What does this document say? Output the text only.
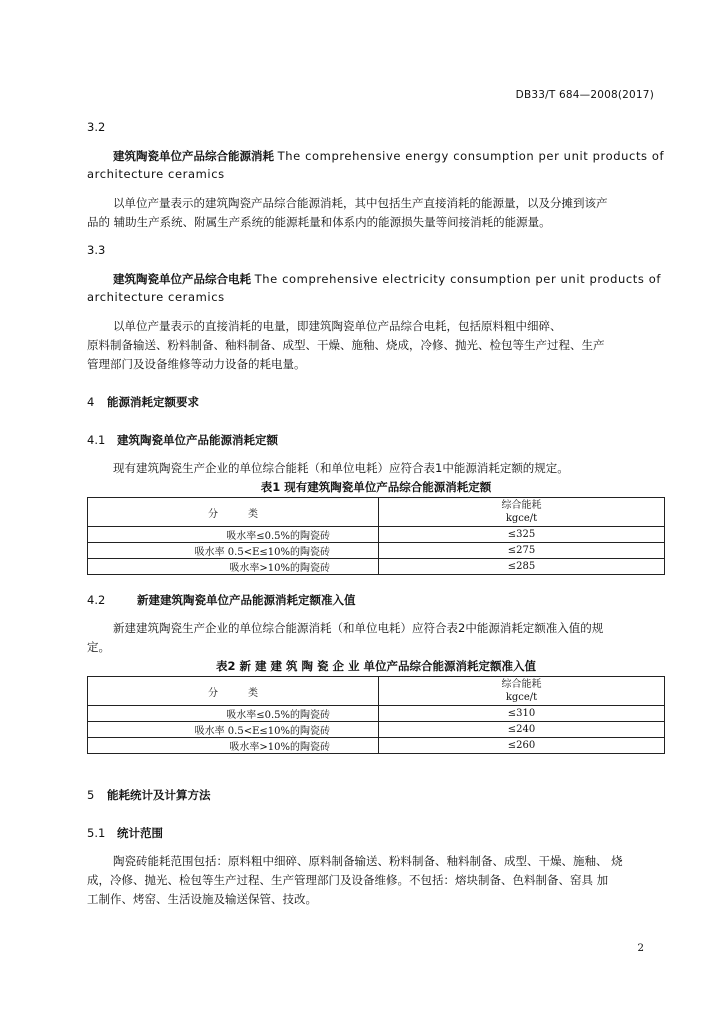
DB33/T 684—2008(2017)
3.2
建筑陶瓷单位产品综合能源消耗 The comprehensive energy consumption per unit products of
architecture ceramics
以单位产量表示的建筑陶瓷产品综合能源消耗，其中包括生产直接消耗的能源量，以及分摊到该产
品的 辅助生产系统、附属生产系统的能源耗量和体系内的能源损失量等间接消耗的能源量。
3.3
建筑陶瓷单位产品综合电耗 The comprehensive electricity consumption per unit products of
architecture ceramics
以单位产量表示的直接消耗的电量，即建筑陶瓷单位产品综合电耗，包括原料粗中细碎、
原料制备输送、粉料制备、釉料制备、成型、干燥、施釉、烧成，冷修、抛光、检包等生产过程、生产
管理部门及设备维修等动力设备的耗电量。
4 能源消耗定额要求
4.1 建筑陶瓷单位产品能源消耗定额
现有建筑陶瓷生产企业的单位综合能耗（和单位电耗）应符合表1中能源消耗定额的规定。
表1 现有建筑陶瓷单位产品综合能源消耗定额
分　　　类	综合能耗
kgce/t

吸水率≤0.5%的陶瓷砖	≤325
吸水率 0.5<E≤10%的陶瓷砖	≤275
吸水率>10%的陶瓷砖	≤285
4.2	新建建筑陶瓷单位产品能源消耗定额准入值
新建建筑陶瓷生产企业的单位综合能源消耗（和单位电耗）应符合表2中能源消耗定额准入值的规
定。
表2 新 建 建 筑 陶 瓷 企 业 单位产品综合能源消耗定额准入值
分　　　类	综合能耗
kgce/t

吸水率≤0.5%的陶瓷砖	≤310
吸水率 0.5<E≤10%的陶瓷砖	≤240
吸水率>10%的陶瓷砖	≤260
5 能耗统计及计算方法
5.1 统计范围
陶瓷砖能耗范围包括：原料粗中细碎、原料制备输送、粉料制备、釉料制备、成型、干燥、施釉、 烧
成，冷修、抛光、检包等生产过程、生产管理部门及设备维修。不包括：熔块制备、色料制备、窑具 加
工制作、烤窑、生活设施及输送保管、技改。
2
